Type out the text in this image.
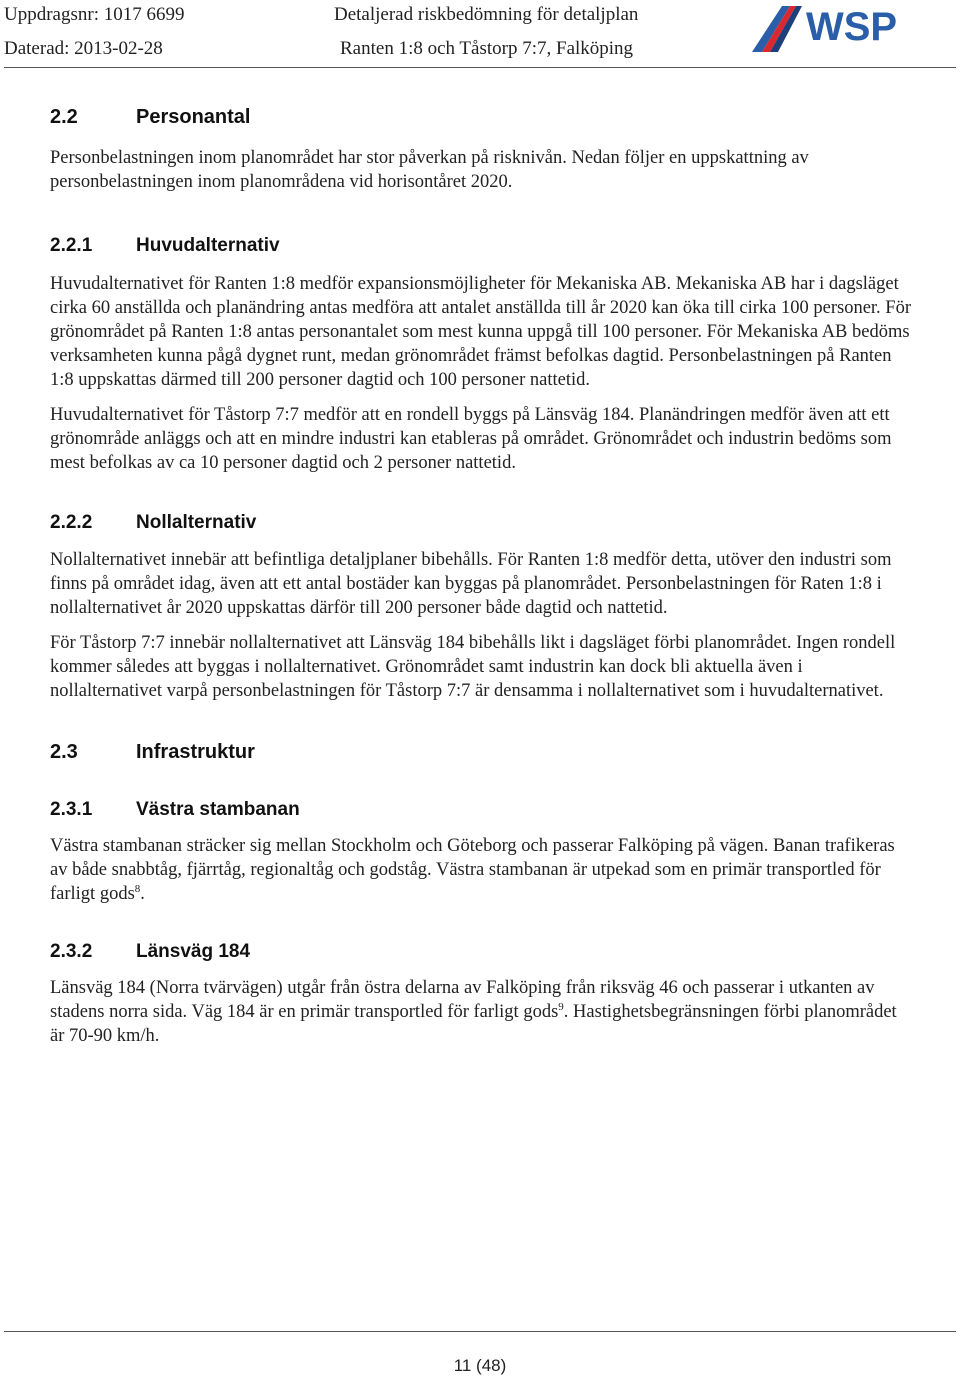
Uppdragsnr: 1017 6699
Daterad: 2013-02-28
Detaljerad riskbedömning för detaljplan
Ranten 1:8 och Tåstorp 7:7, Falköping	WSP
2.2	Personantal

Personbelastningen inom planområdet har stor påverkan på risknivån. Nedan följer en uppskattning av personbelastningen inom planområdena vid horisontåret 2020.

2.2.1	Huvudalternativ

Huvudalternativet för Ranten 1:8 medför expansionsmöjligheter för Mekaniska AB. Mekaniska AB har i dagsläget cirka 60 anställda och planändring antas medföra att antalet anställda till år 2020 kan öka till cirka 100 personer. För grönområdet på Ranten 1:8 antas personantalet som mest kunna uppgå till 100 personer. För Mekaniska AB bedöms verksamheten kunna pågå dygnet runt, medan grönområdet främst befolkas dagtid. Personbelastningen på Ranten 1:8 uppskattas därmed till 200 personer dagtid och 100 personer nattetid.

Huvudalternativet för Tåstorp 7:7 medför att en rondell byggs på Länsväg 184. Planändringen medför även att ett grönområde anläggs och att en mindre industri kan etableras på området. Grönområdet och industrin bedöms som mest befolkas av ca 10 personer dagtid och 2 personer nattetid.

2.2.2	Nollalternativ

Nollalternativet innebär att befintliga detaljplaner bibehålls. För Ranten 1:8 medför detta, utöver den industri som finns på området idag, även att ett antal bostäder kan byggas på planområdet. Personbelastningen för Raten 1:8 i nollalternativet år 2020 uppskattas därför till 200 personer både dagtid och nattetid.

För Tåstorp 7:7 innebär nollalternativet att Länsväg 184 bibehålls likt i dagsläget förbi planområdet. Ingen rondell kommer således att byggas i nollalternativet. Grönområdet samt industrin kan dock bli aktuella även i nollalternativet varpå personbelastningen för Tåstorp 7:7 är densamma i nollalternativet som i huvudalternativet.

2.3	Infrastruktur
2.3.1	Västra stambanan

Västra stambanan sträcker sig mellan Stockholm och Göteborg och passerar Falköping på vägen. Banan trafikeras av både snabbtåg, fjärrtåg, regionaltåg och godståg. Västra stambanan är utpekad som en primär transportled för farligt gods$^8$.

2.3.2	Länsväg 184

Länsväg 184 (Norra tvärvägen) utgår från östra delarna av Falköping från riksväg 46 och passerar i utkanten av stadens norra sida. Väg 184 är en primär transportled för farligt gods$^9$. Hastighetsbegränsningen förbi planområdet är 70-90 km/h.

11 (48)
